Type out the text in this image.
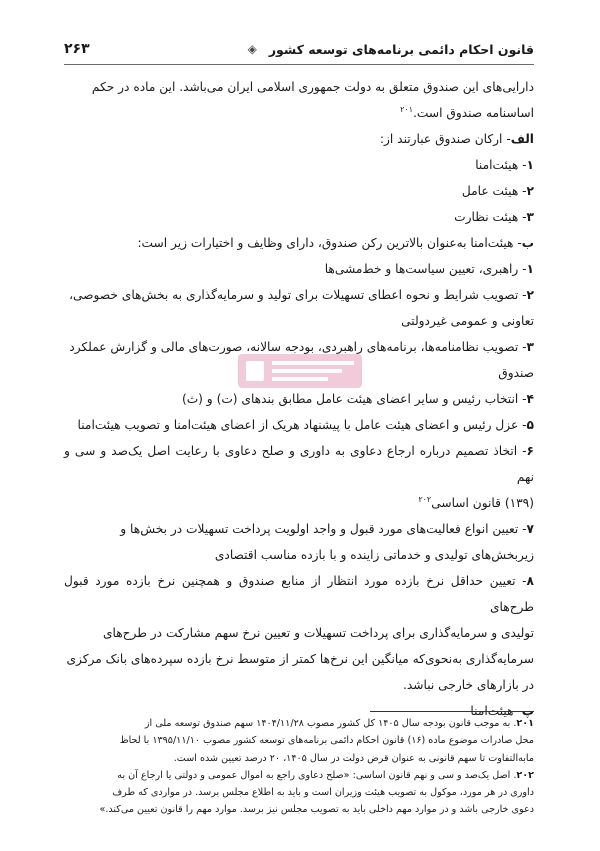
قانون احکام دائمی برنامه‌های توسعه کشور
◈
۲۶۳

دارایی‌های این صندوق متعلق به دولت جمهوری اسلامی ایران می‌باشد. این ماده در حکم

اساسنامه صندوق است.$^{۲۰۱}$

الف- ارکان صندوق عبارتند از:

۱- هیئت‌امنا

۲- هیئت عامل

۳- هیئت نظارت

ب- هیئت‌امنا به‌عنوان بالاترین رکن صندوق، دارای وظایف و اختیارات زیر است:

۱- راهبری، تعیین سیاست‌ها و خط‌مشی‌ها

۲- تصویب شرایط و نحوه اعطای تسهیلات برای تولید و سرمایه‌گذاری به بخش‌های خصوصی،

تعاونی و عمومی غیردولتی

۳- تصویب نظامنامه‌ها، برنامه‌های راهبردی، بودجه سالانه، صورت‌های مالی و گزارش عملکرد

صندوق

۴- انتخاب رئیس و سایر اعضای هیئت عامل مطابق بندهای (ت) و (ث)

۵- عزل رئیس و اعضای هیئت عامل با پیشنهاد هریک از اعضای هیئت‌امنا و تصویب هیئت‌امنا

۶- اتخاذ تصمیم درباره ارجاع دعاوی به داوری و صلح دعاوی با رعایت اصل یک‌صد و سی و نهم

(۱۳۹) قانون اساسی$^{۲۰۲}$

۷- تعیین انواع فعالیت‌های مورد قبول و واجد اولویت پرداخت تسهیلات در بخش‌ها و

زیربخش‌های تولیدی و خدماتی زاینده و با بازده مناسب اقتصادی

۸- تعیین حداقل نرخ بازده مورد انتظار از منابع صندوق و همچنین نرخ بازده مورد قبول طرح‌های

تولیدی و سرمایه‌گذاری برای پرداخت تسهیلات و تعیین نرخ سهم مشارکت در طرح‌های

سرمایه‌گذاری به‌نحوی‌که میانگین این نرخ‌ها کمتر از متوسط نرخ بازده سپرده‌های بانک مرکزی

در بازارهای خارجی نباشد.

پ- هیئت‌امنا

۲۰۱. به موجب قانون بودجه سال ۱۴۰۵ کل کشور مصوب ۱۴۰۴/۱۱/۲۸ سهم صندوق توسعه ملی از

محل صادرات موضوع ماده (۱۶) قانون احکام دائمی برنامه‌های توسعه کشور مصوب ۱۳۹۵/۱۱/۱۰ با لحاظ

مابه‌التفاوت تا سهم قانونی به عنوان قرض دولت در سال ۱۴۰۵، ۲۰ درصد تعیین شده است.

۲۰۲. اصل یک‌صد و سی و نهم قانون اساسی: «صلح دعاوی راجع به اموال عمومی و دولتی یا ارجاع آن به

داوری در هر مورد، موکول به تصویب هیئت وزیران است و باید به اطلاع مجلس برسد. در مواردی که طرف

دعوی خارجی باشد و در موارد مهم داخلی باید به تصویب مجلس نیز برسد. موارد مهم را قانون تعیین می‌کند.»
